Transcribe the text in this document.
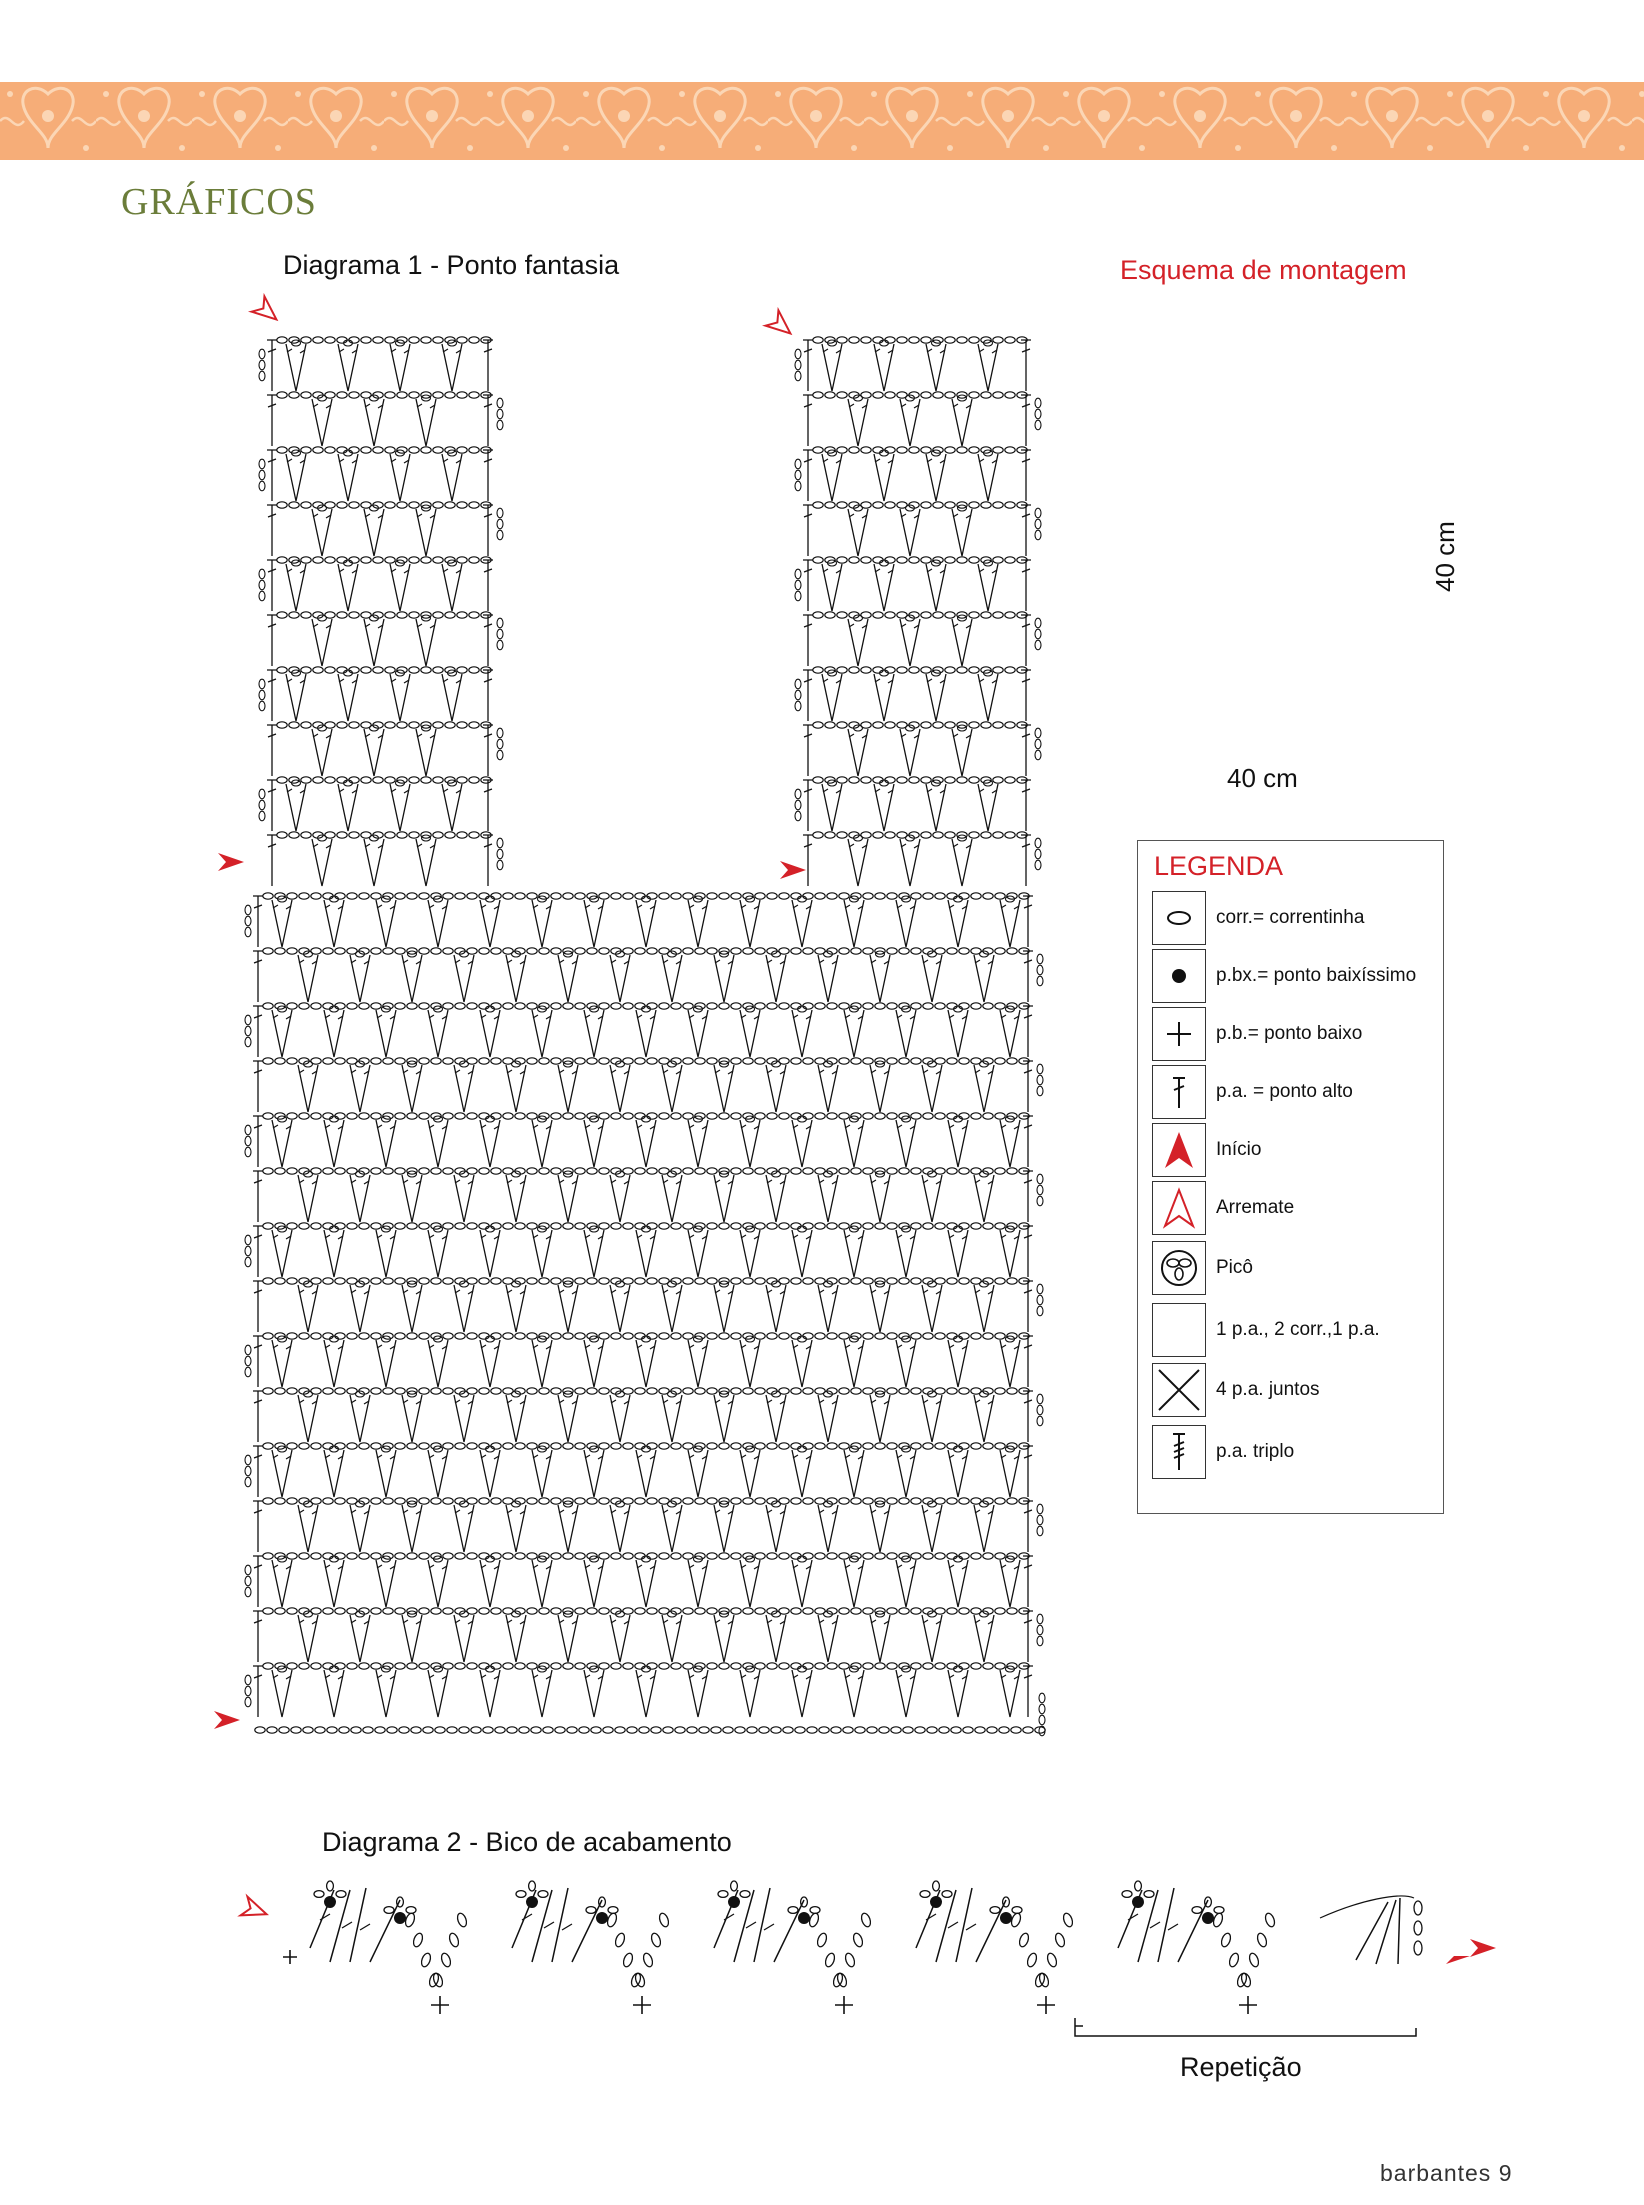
GRÁFICOS
Diagrama 1 - Ponto fantasia	Esquema de montagem
40 cm
40 cm
LEGENDA
corr.= correntinha
p.bx.= ponto baixíssimo
p.b.= ponto baixo
p.a. = ponto alto
Início
Arremate
Picô
1 p.a., 2 corr.,1 p.a.
4 p.a. juntos
p.a. triplo
Diagrama 2 - Bico de acabamento
Repetição
barbantes 9
